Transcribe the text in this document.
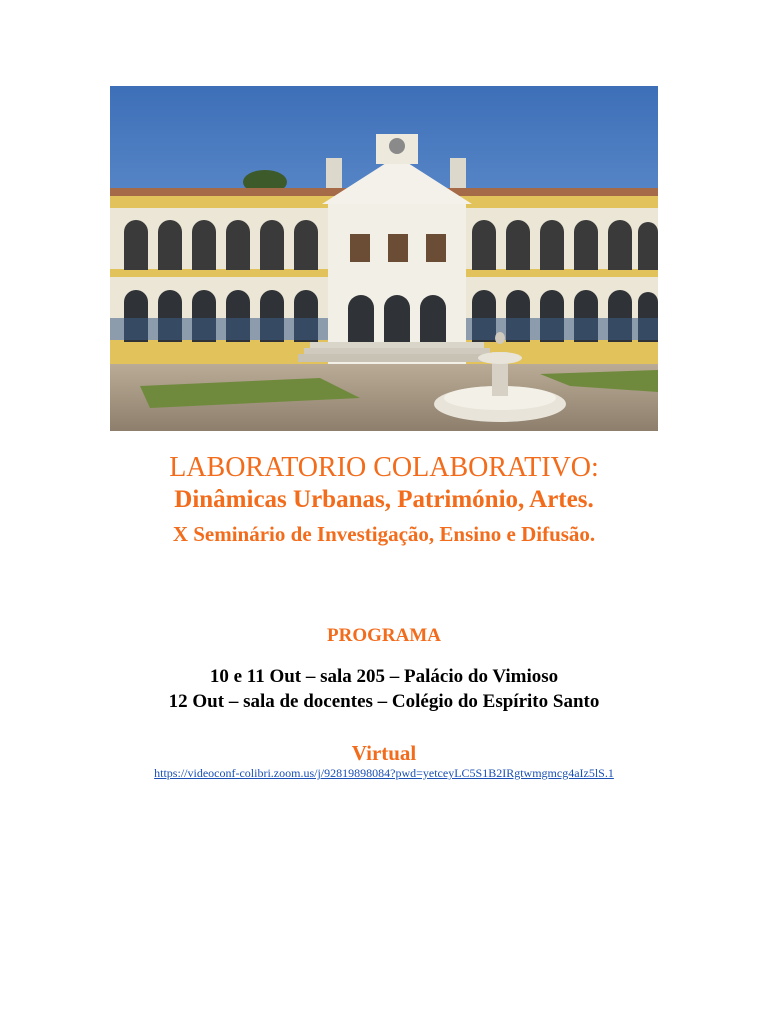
LABORATORIO COLABORATIVO:

Dinâmicas Urbanas, Património, Artes.

X Seminário de Investigação, Ensino e Difusão.

PROGRAMA

10 e 11 Out – sala 205 – Palácio do Vimioso

12 Out – sala de docentes – Colégio do Espírito Santo

Virtual

https://videoconf-colibri.zoom.us/j/92819898084?pwd=yetceyLC5S1B2IRgtwmgmcg4aIz5lS.1
